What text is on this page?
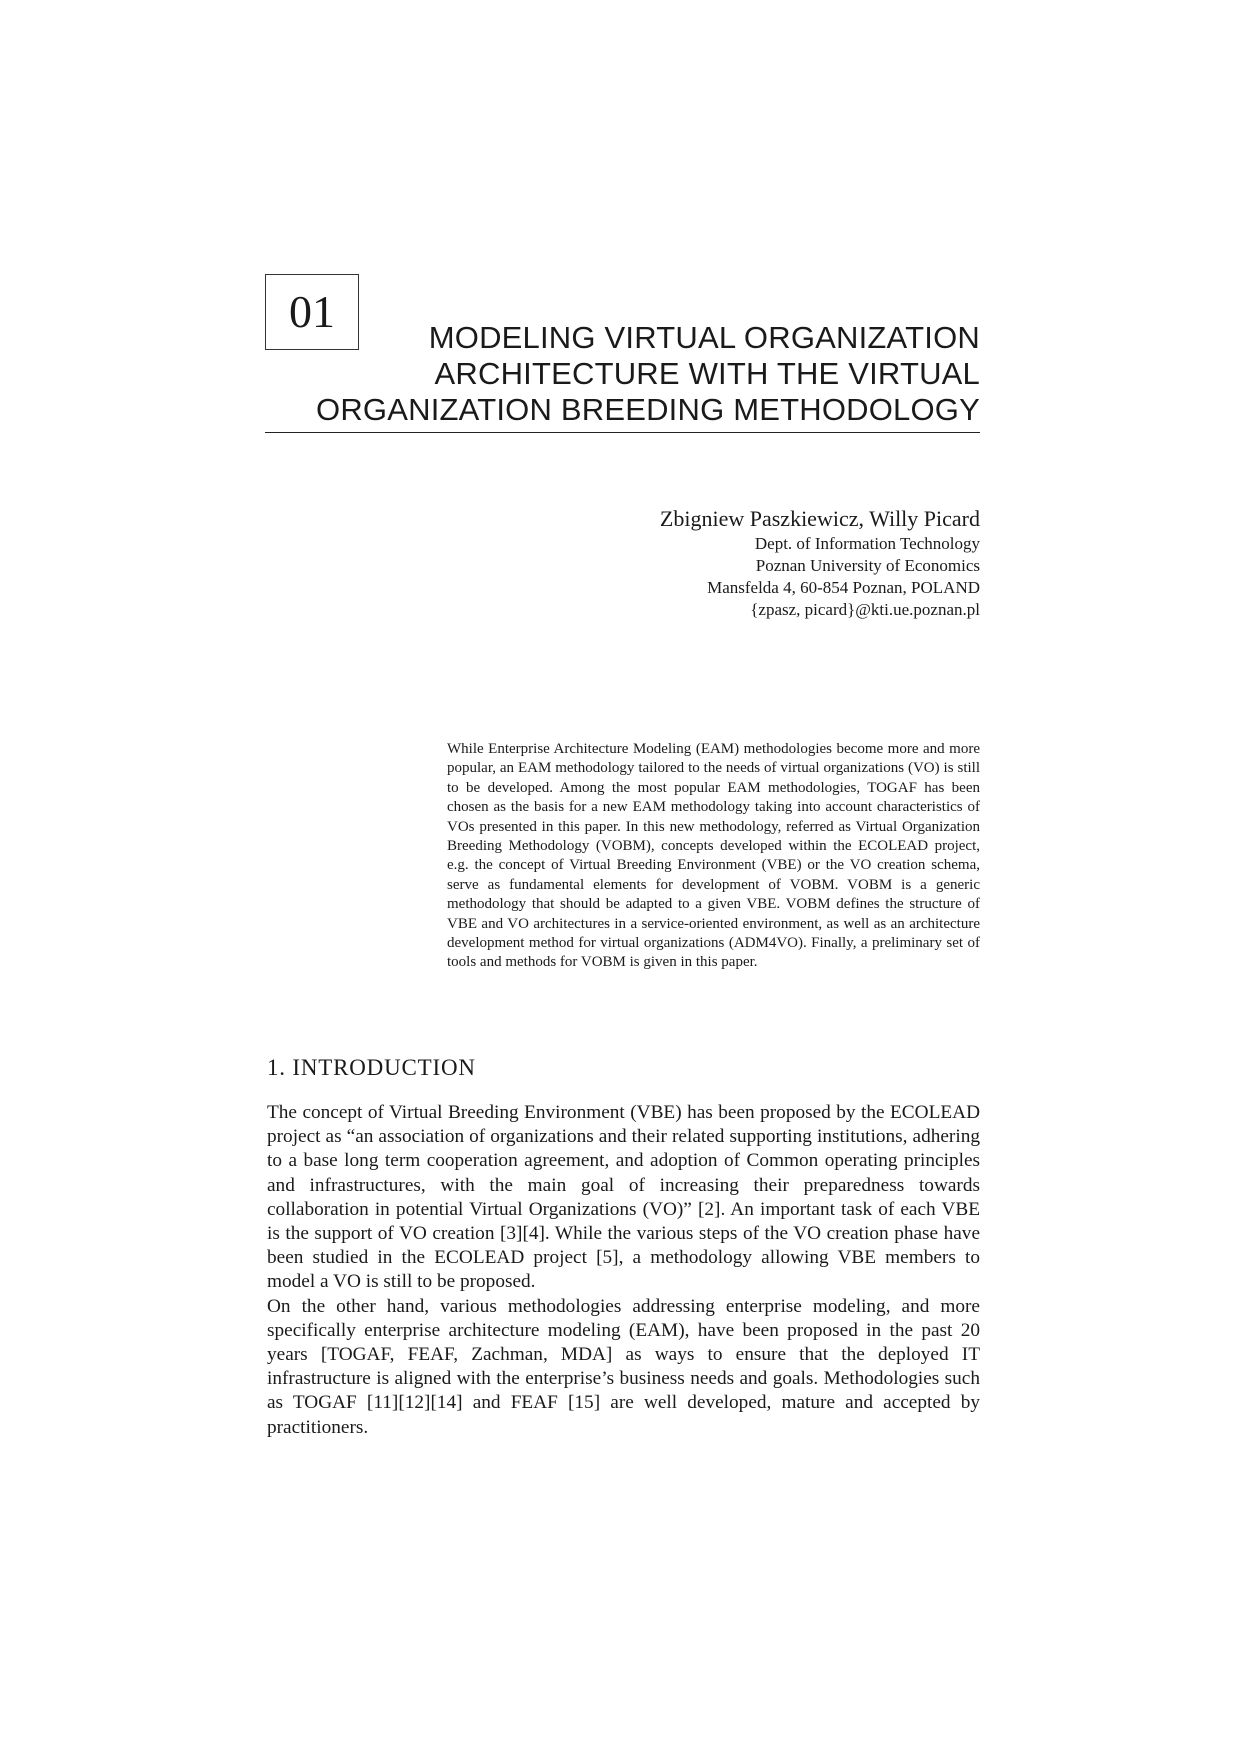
01
MODELING VIRTUAL ORGANIZATION
ARCHITECTURE WITH THE VIRTUAL
ORGANIZATION BREEDING METHODOLOGY
Zbigniew Paszkiewicz, Willy Picard
Dept. of Information Technology
Poznan University of Economics
Mansfelda 4, 60-854 Poznan, POLAND
{zpasz, picard}@kti.ue.poznan.pl
While Enterprise Architecture Modeling (EAM) methodologies become more and more popular, an EAM methodology tailored to the needs of virtual organizations (VO) is still to be developed. Among the most popular EAM methodologies, TOGAF has been chosen as the basis for a new EAM methodology taking into account characteristics of VOs presented in this paper. In this new methodology, referred as Virtual Organization Breeding Methodology (VOBM), concepts developed within the ECOLEAD project, e.g. the concept of Virtual Breeding Environment (VBE) or the VO creation schema, serve as fundamental elements for development of VOBM. VOBM is a generic methodology that should be adapted to a given VBE. VOBM defines the structure of VBE and VO architectures in a service-oriented environment, as well as an architecture development method for virtual organizations (ADM4VO). Finally, a preliminary set of tools and methods for VOBM is given in this paper.
1. INTRODUCTION

The concept of Virtual Breeding Environment (VBE) has been proposed by the ECOLEAD project as “an association of organizations and their related supporting institutions, adhering to a base long term cooperation agreement, and adoption of Common operating principles and infrastructures, with the main goal of increasing their preparedness towards collaboration in potential Virtual Organizations (VO)” [2]. An important task of each VBE is the support of VO creation [3][4]. While the various steps of the VO creation phase have been studied in the ECOLEAD project [5], a methodology allowing VBE members to model a VO is still to be proposed.

On the other hand, various methodologies addressing enterprise modeling, and more specifically enterprise architecture modeling (EAM), have been proposed in the past 20 years [TOGAF, FEAF, Zachman, MDA] as ways to ensure that the deployed IT infrastructure is aligned with the enterprise’s business needs and goals. Methodologies such as TOGAF [11][12][14] and FEAF [15] are well developed, mature and accepted by practitioners.
